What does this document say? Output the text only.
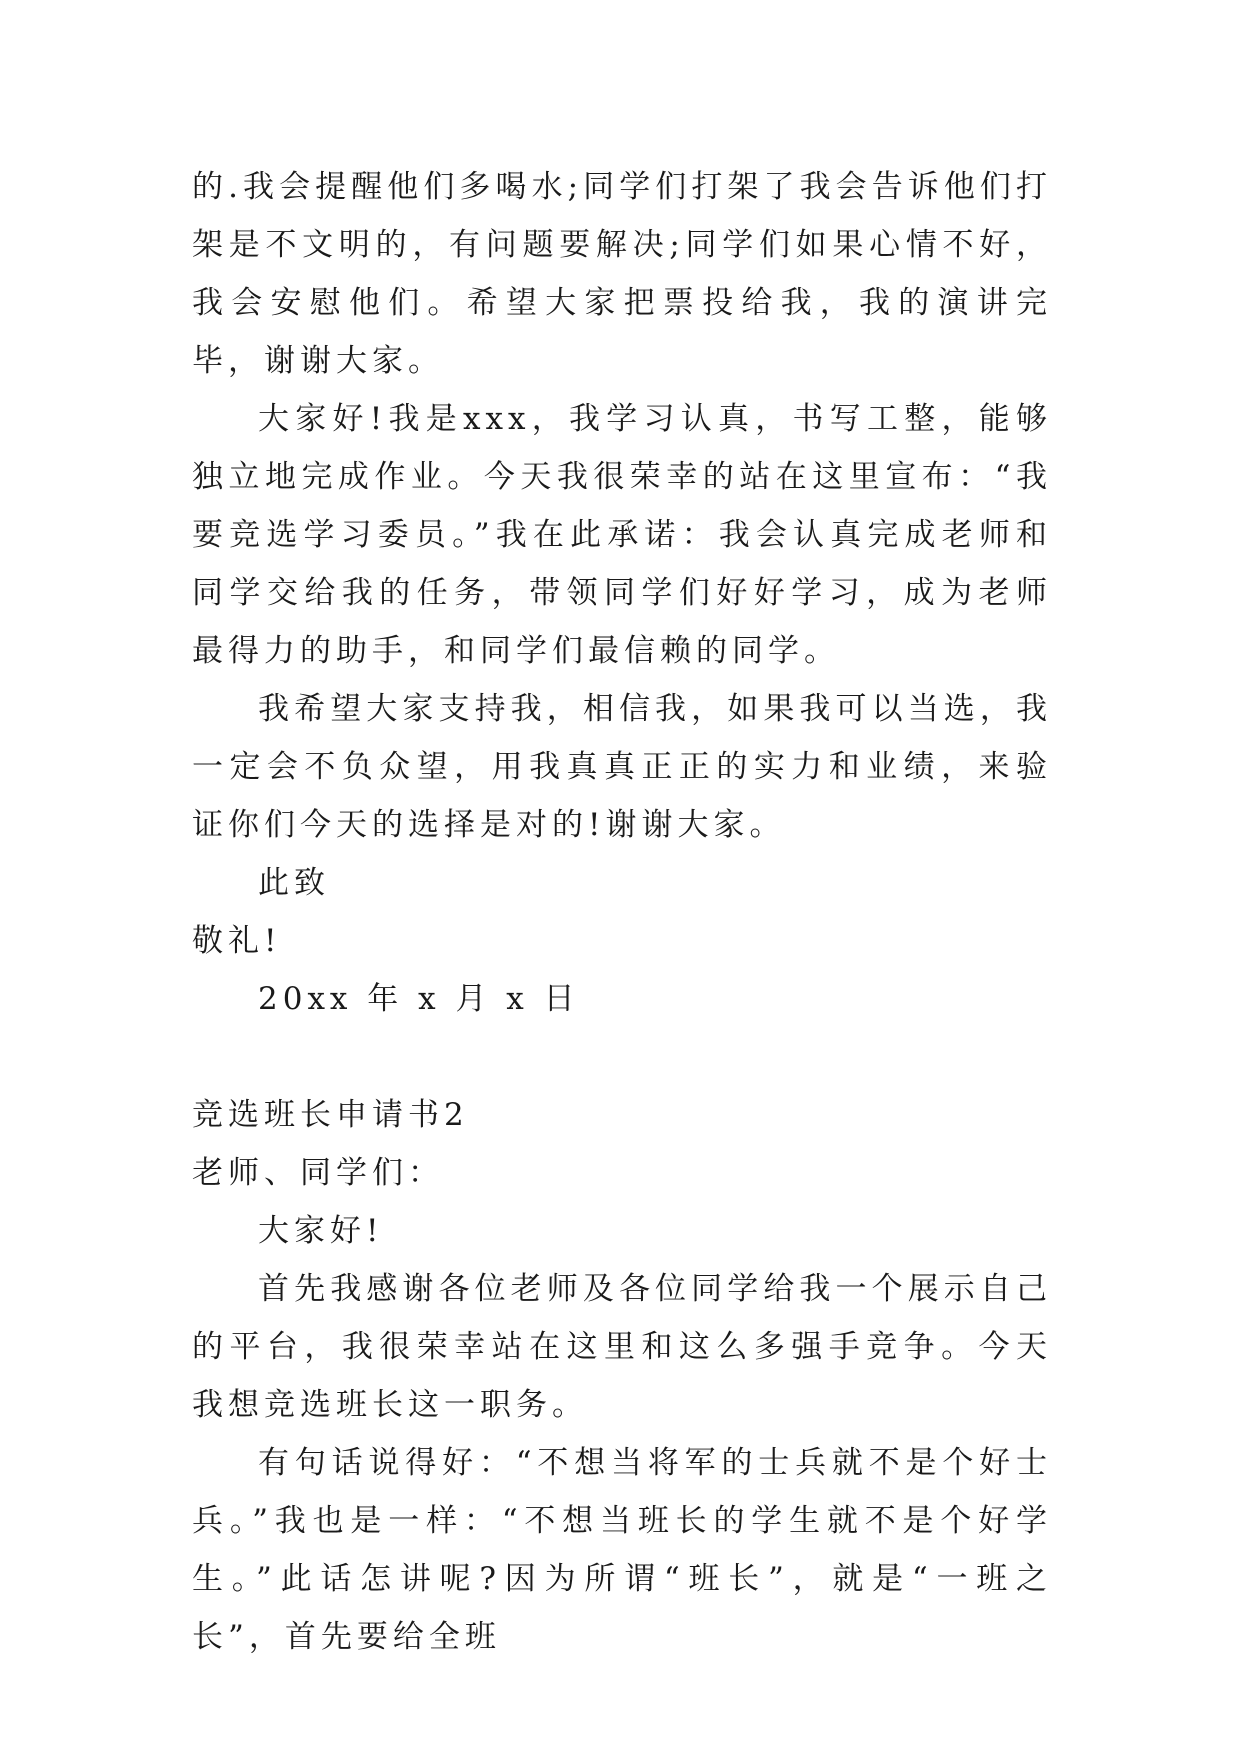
的.我会提醒他们多喝水;同学们打架了我会告诉他们打架是不文明的，有问题要解决;同学们如果心情不好，我会安慰他们。希望大家把票投给我，我的演讲完毕，谢谢大家。

大家好!我是xxx，我学习认真，书写工整，能够独立地完成作业。今天我很荣幸的站在这里宣布：“我要竞选学习委员。”我在此承诺：我会认真完成老师和同学交给我的任务，带领同学们好好学习，成为老师最得力的助手，和同学们最信赖的同学。

我希望大家支持我，相信我，如果我可以当选，我一定会不负众望，用我真真正正的实力和业绩，来验证你们今天的选择是对的!谢谢大家。

此致

敬礼!

20xx 年 x 月 x 日

竞选班长申请书2

老师、同学们：

大家好!

首先我感谢各位老师及各位同学给我一个展示自己的平台，我很荣幸站在这里和这么多强手竞争。今天我想竞选班长这一职务。

有句话说得好：“不想当将军的士兵就不是个好士兵。”我也是一样：“不想当班长的学生就不是个好学生。”此话怎讲呢?因为所谓“班长”，就是“一班之长”，首先要给全班
